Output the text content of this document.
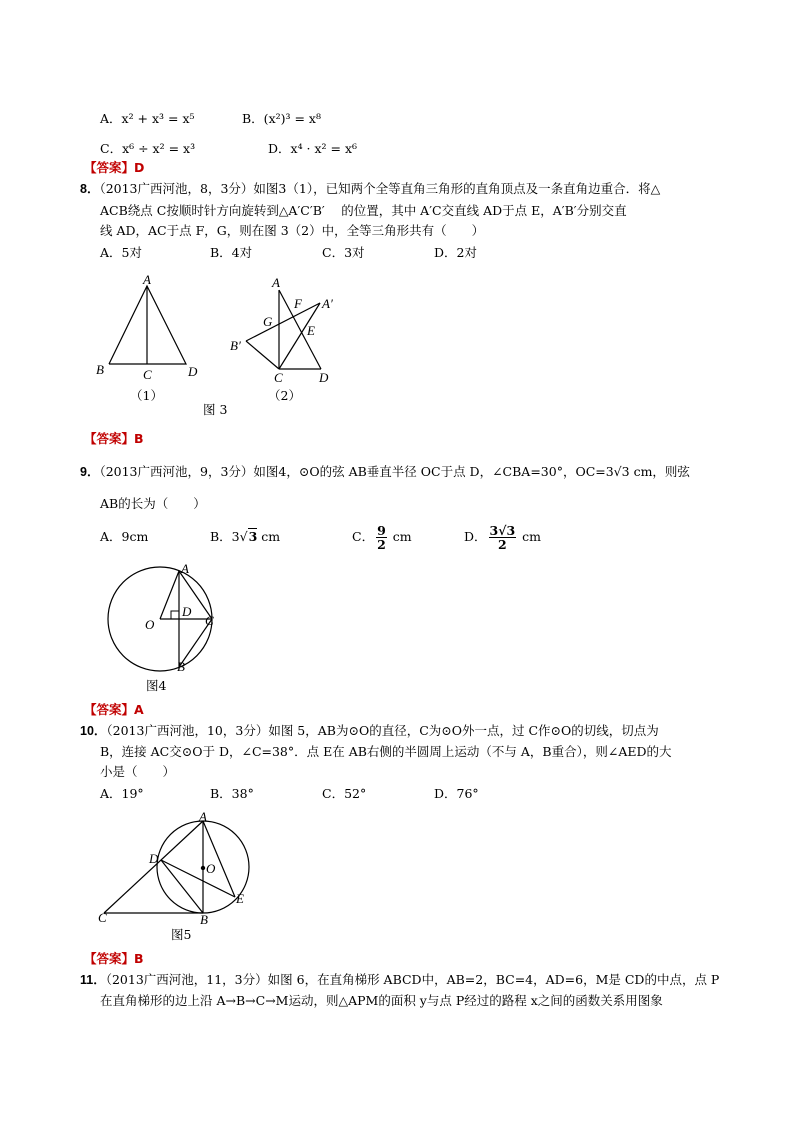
A．x² + x³ = x⁵	B．(x²)³ = x⁸
C．x⁶ ÷ x² = x³	D．x⁴ · x² = x⁶
【答案】D
8．（2013广西河池，8，3分）如图3（1），已知两个全等直角三角形的直角顶点及一条直角边重合．将△
ACB绕点 C按顺时针方向旋转到△A′C′B′　 的位置，其中 A′C交直线 AD于点 E，A′B′分别交直
线 AD，AC于点 F，G，则在图 3（2）中，全等三角形共有（　　）
A．5对	B．4对	C．3对	D．2对
A
B	C	D
（1）
A
F A′
G
E
B′
C	D
（2）
图 3
【答案】B
9．（2013广西河池，9，3分）如图4，⊙O的弦 AB垂直半径 OC于点 D，∠CBA=30°，OC=3√3 cm，则弦
AB的长为（　　）
A．9cm	B．3√3 cm	C． $\frac{9}{2}$ cm	D． $\frac{3√3}{2}$ cm
A
D
O	C
B
图4
【答案】A
10．（2013广西河池，10，3分）如图 5，AB为⊙O的直径，C为⊙O外一点，过 C作⊙O的切线，切点为
B，连接 AC交⊙O于 D，∠C=38°．点 E在 AB右侧的半圆周上运动（不与 A，B重合），则∠AED的大
小是（　　）
A．19°	B．38°	C．52°	D．76°
A
D
O
E
C	B
图5
【答案】B
11．（2013广西河池，11，3分）如图 6，在直角梯形 ABCD中，AB=2，BC=4，AD=6，M是 CD的中点，点 P
在直角梯形的边上沿 A→B→C→M运动，则△APM的面积 y与点 P经过的路程 x之间的函数关系用图象
